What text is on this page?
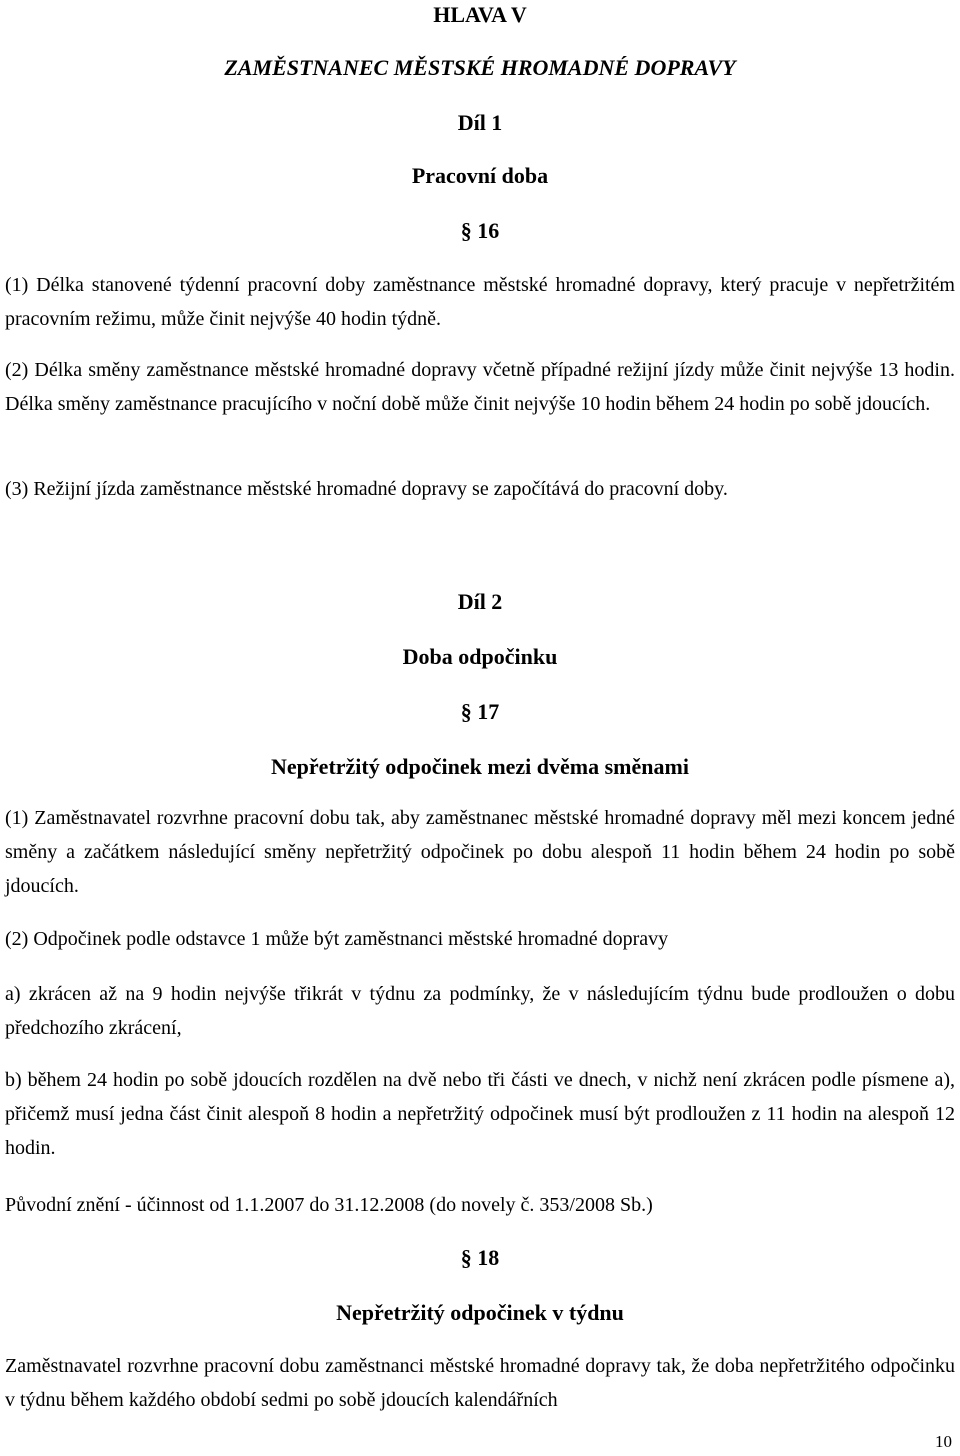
HLAVA V
ZAMĚSTNANEC MĚSTSKÉ HROMADNÉ DOPRAVY
Díl 1
Pracovní doba
§ 16
(1) Délka stanovené týdenní pracovní doby zaměstnance městské hromadné dopravy, který pracuje v nepřetržitém pracovním režimu, může činit nejvýše 40 hodin týdně.
(2) Délka směny zaměstnance městské hromadné dopravy včetně případné režijní jízdy může činit nejvýše 13 hodin. Délka směny zaměstnance pracujícího v noční době může činit nejvýše 10 hodin během 24 hodin po sobě jdoucích.
(3) Režijní jízda zaměstnance městské hromadné dopravy se započítává do pracovní doby.
Díl 2
Doba odpočinku
§ 17
Nepřetržitý odpočinek mezi dvěma směnami
(1) Zaměstnavatel rozvrhne pracovní dobu tak, aby zaměstnanec městské hromadné dopravy měl mezi koncem jedné směny a začátkem následující směny nepřetržitý odpočinek po dobu alespoň 11 hodin během 24 hodin po sobě jdoucích.
(2) Odpočinek podle odstavce 1 může být zaměstnanci městské hromadné dopravy
a) zkrácen až na 9 hodin nejvýše třikrát v týdnu za podmínky, že v následujícím týdnu bude prodloužen o dobu předchozího zkrácení,
b) během 24 hodin po sobě jdoucích rozdělen na dvě nebo tři části ve dnech, v nichž není zkrácen podle písmene a), přičemž musí jedna část činit alespoň 8 hodin a nepřetržitý odpočinek musí být prodloužen z 11 hodin na alespoň 12 hodin.
Původní znění - účinnost od 1.1.2007 do 31.12.2008 (do novely č. 353/2008 Sb.)
§ 18
Nepřetržitý odpočinek v týdnu
Zaměstnavatel rozvrhne pracovní dobu zaměstnanci městské hromadné dopravy tak, že doba nepřetržitého odpočinku v týdnu během každého období sedmi po sobě jdoucích kalendářních
10
